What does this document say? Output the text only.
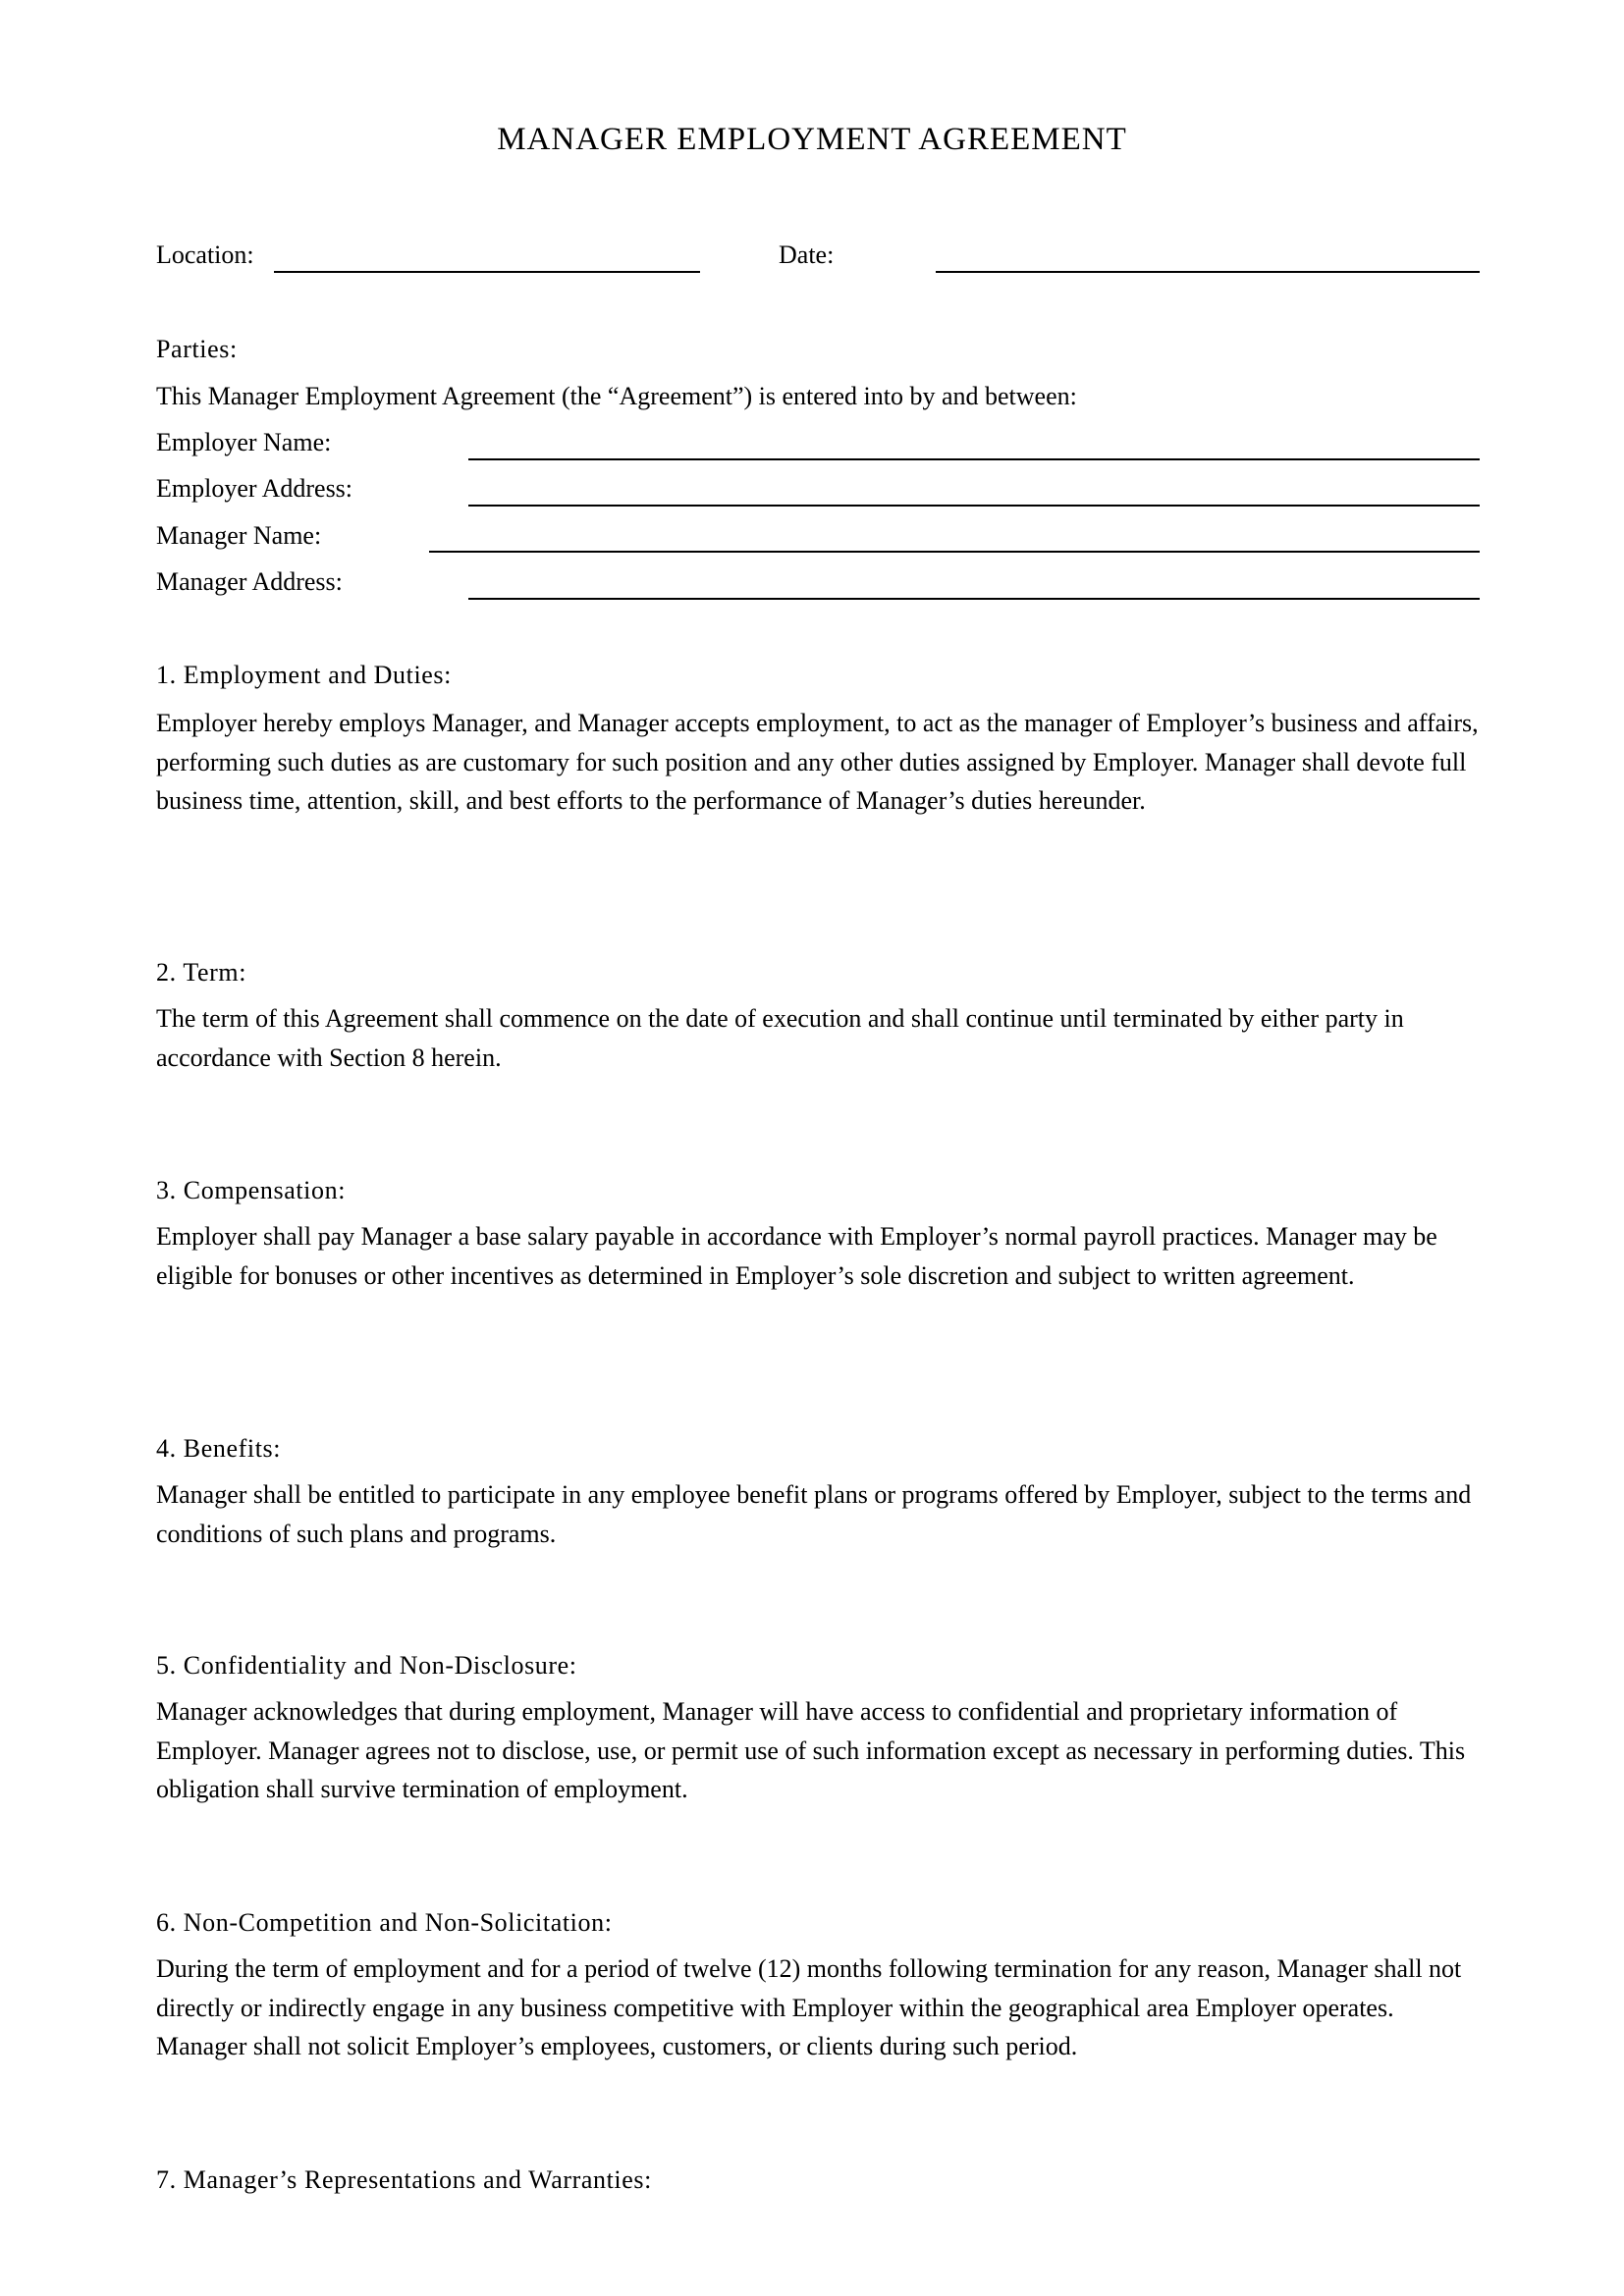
MANAGER EMPLOYMENT AGREEMENT
Location:	Date:
Parties:
This Manager Employment Agreement (the “Agreement”) is entered into by and between:
Employer Name:
Employer Address:
Manager Name:
Manager Address:
1. Employment and Duties:

Employer hereby employs Manager, and Manager accepts employment, to act as the manager of Employer’s business and affairs, performing such duties as are customary for such position and any other duties assigned by Employer. Manager shall devote full business time, attention, skill, and best efforts to the performance of Manager’s duties hereunder.

2. Term:

The term of this Agreement shall commence on the date of execution and shall continue until terminated by either party in accordance with Section 8 herein.

3. Compensation:

Employer shall pay Manager a base salary payable in accordance with Employer’s normal payroll practices. Manager may be eligible for bonuses or other incentives as determined in Employer’s sole discretion and subject to written agreement.

4. Benefits:

Manager shall be entitled to participate in any employee benefit plans or programs offered by Employer, subject to the terms and conditions of such plans and programs.

5. Confidentiality and Non-Disclosure:

Manager acknowledges that during employment, Manager will have access to confidential and proprietary information of Employer. Manager agrees not to disclose, use, or permit use of such information except as necessary in performing duties. This obligation shall survive termination of employment.

6. Non-Competition and Non-Solicitation:

During the term of employment and for a period of twelve (12) months following termination for any reason, Manager shall not directly or indirectly engage in any business competitive with Employer within the geographical area Employer operates. Manager shall not solicit Employer’s employees, customers, or clients during such period.

7. Manager’s Representations and Warranties:
